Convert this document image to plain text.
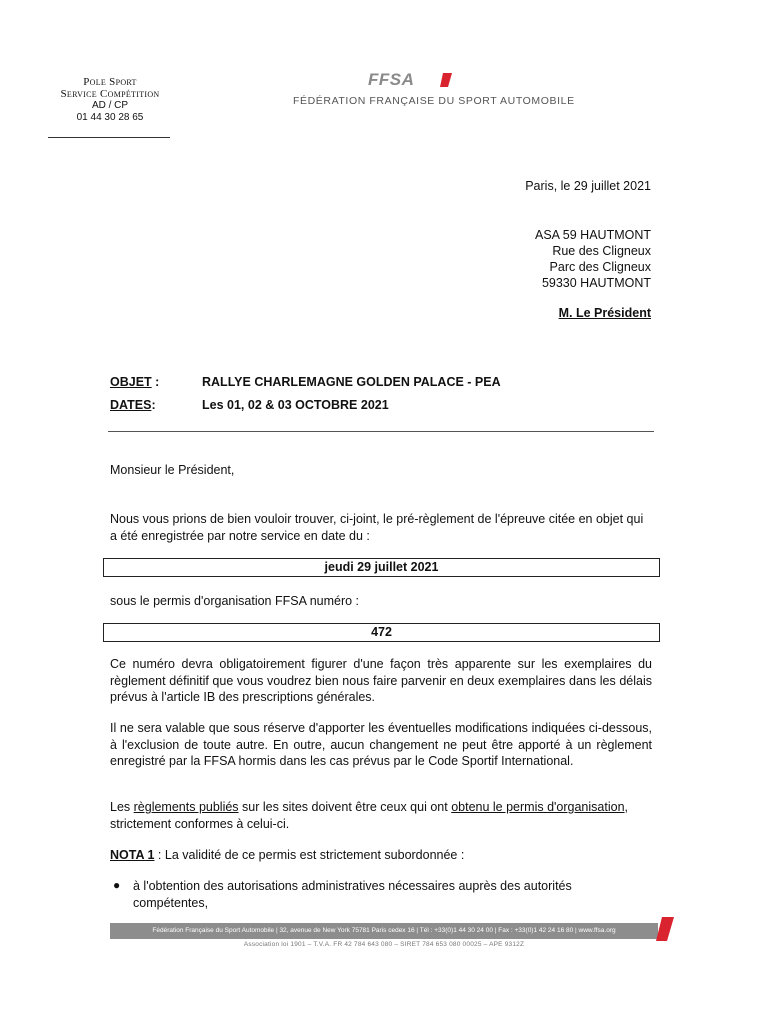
Pole Sport
Service Compétition
AD / CP
01 44 30 28 65
FFSA
FÉDÉRATION FRANÇAISE DU SPORT AUTOMOBILE
Paris, le 29 juillet 2021
ASA 59 HAUTMONT
Rue des Cligneux
Parc des Cligneux
59330 HAUTMONT
M. Le Président
OBJET :	RALLYE CHARLEMAGNE GOLDEN PALACE - PEA
DATES:	Les 01, 02 & 03 OCTOBRE 2021
Monsieur le Président,
Nous vous prions de bien vouloir trouver, ci-joint, le pré-règlement de l'épreuve citée en objet qui a été enregistrée par notre service en date du :
jeudi 29 juillet 2021
sous le permis d'organisation FFSA numéro :
472
Ce numéro devra obligatoirement figurer d'une façon très apparente sur les exemplaires du règlement définitif que vous voudrez bien nous faire parvenir en deux exemplaires dans les délais prévus à l'article IB des prescriptions générales.
Il ne sera valable que sous réserve d'apporter les éventuelles modifications indiquées ci-dessous, à l'exclusion de toute autre. En outre, aucun changement ne peut être apporté à un règlement enregistré par la FFSA hormis dans les cas prévus par le Code Sportif International.
Les règlements publiés sur les sites doivent être ceux qui ont obtenu le permis d'organisation, strictement conformes à celui-ci.
NOTA 1 : La validité de ce permis est strictement subordonnée :
● à l'obtention des autorisations administratives nécessaires auprès des autorités compétentes,
Fédération Française du Sport Automobile | 32, avenue de New York 75781 Paris cedex 16 | Tél : +33(0)1 44 30 24 00 | Fax : +33(0)1 42 24 16 80 | www.ffsa.org
Association loi 1901 – T.V.A. FR 42 784 643 080 – SIRET 784 653 080 00025 – APE 9312Z
